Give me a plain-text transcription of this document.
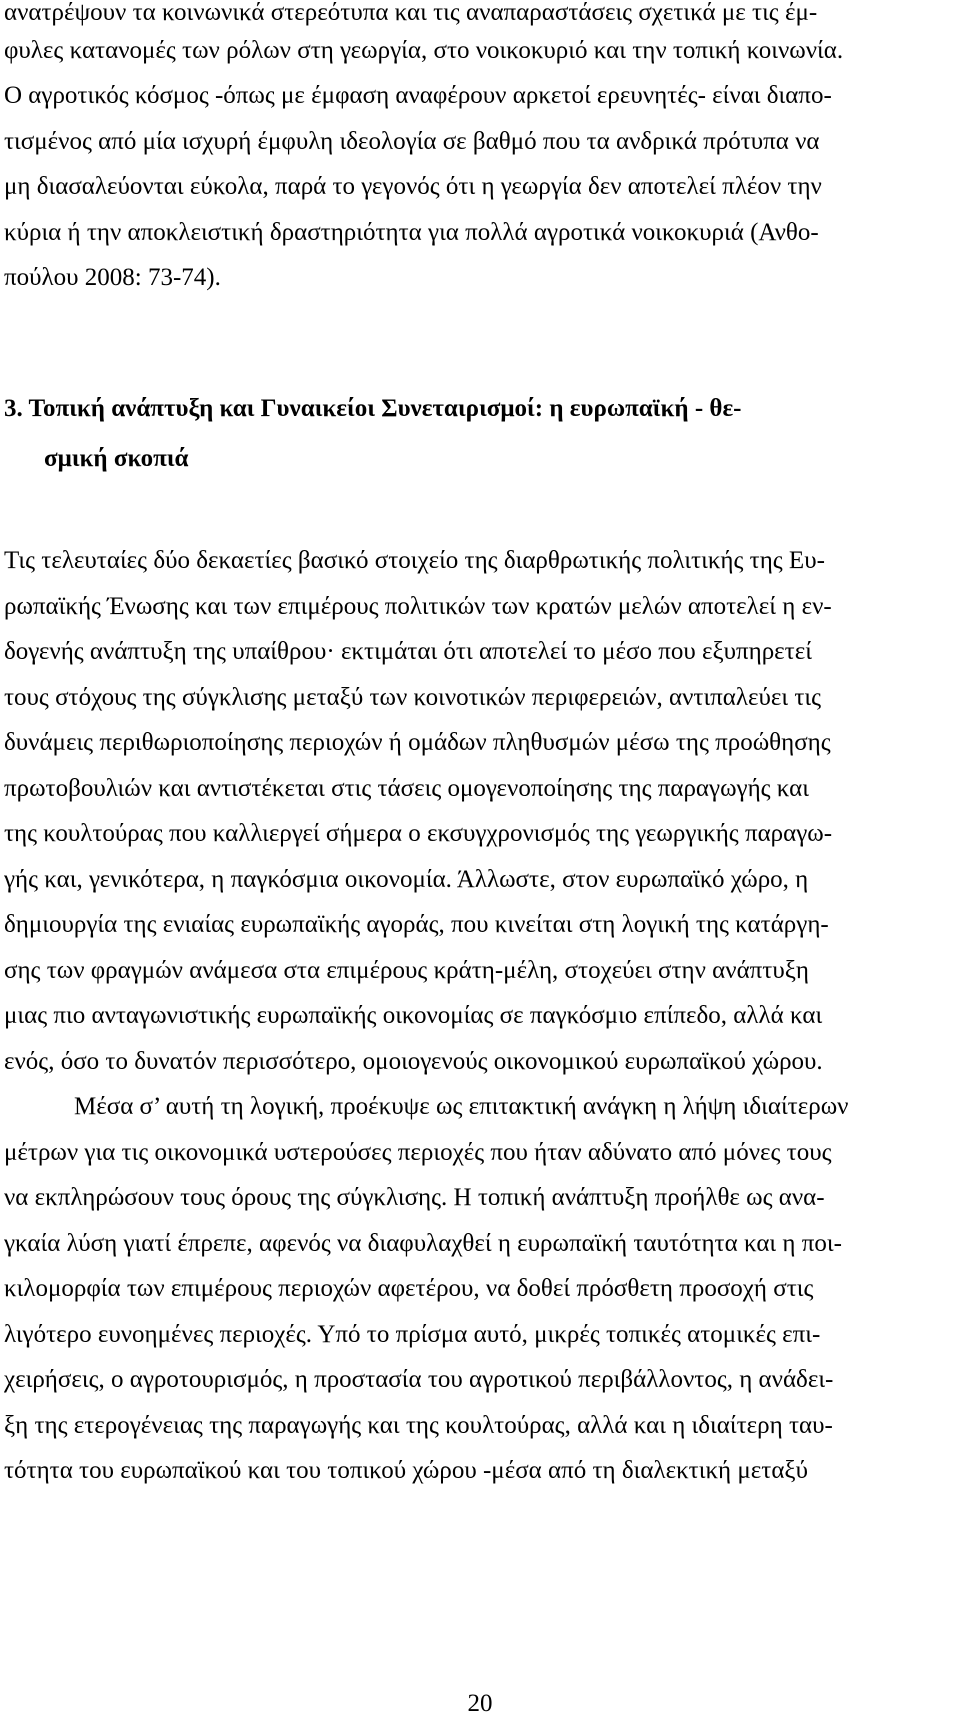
ανατρέψουν τα κοινωνικά στερεότυπα και τις αναπαραστάσεις σχετικά με τις έμ-
φυλες κατανομές των ρόλων στη γεωργία, στο νοικοκυριό και την τοπική κοινωνία.
Ο αγροτικός κόσμος -όπως με έμφαση αναφέρουν αρκετοί ερευνητές- είναι διαπο-
τισμένος από μία ισχυρή έμφυλη ιδεολογία σε βαθμό που τα ανδρικά πρότυπα να
μη διασαλεύονται εύκολα, παρά το γεγονός ότι η γεωργία δεν αποτελεί πλέον την
κύρια ή την αποκλειστική δραστηριότητα για πολλά αγροτικά νοικοκυριά (Ανθο-
πούλου 2008: 73-74).
3. Τοπική ανάπτυξη και Γυναικείοι Συνεταιρισμοί: η ευρωπαϊκή - θε-
σμική σκοπιά
Τις τελευταίες δύο δεκαετίες βασικό στοιχείο της διαρθρωτικής πολιτικής της Ευ-
ρωπαϊκής Ένωσης και των επιμέρους πολιτικών των κρατών μελών αποτελεί η εν-
δογενής ανάπτυξη της υπαίθρου· εκτιμάται ότι αποτελεί το μέσο που εξυπηρετεί
τους στόχους της σύγκλισης μεταξύ των κοινοτικών περιφερειών, αντιπαλεύει τις
δυνάμεις περιθωριοποίησης περιοχών ή ομάδων πληθυσμών μέσω της προώθησης
πρωτοβουλιών και αντιστέκεται στις τάσεις ομογενοποίησης της παραγωγής και
της κουλτούρας που καλλιεργεί σήμερα ο εκσυγχρονισμός της γεωργικής παραγω-
γής και, γενικότερα, η παγκόσμια οικονομία. Άλλωστε, στον ευρωπαϊκό χώρο, η
δημιουργία της ενιαίας ευρωπαϊκής αγοράς, που κινείται στη λογική της κατάργη-
σης των φραγμών ανάμεσα στα επιμέρους κράτη-μέλη, στοχεύει στην ανάπτυξη
μιας πιο ανταγωνιστικής ευρωπαϊκής οικονομίας σε παγκόσμιο επίπεδο, αλλά και
ενός, όσο το δυνατόν περισσότερο, ομοιογενούς οικονομικού ευρωπαϊκού χώρου.
Μέσα σ’ αυτή τη λογική, προέκυψε ως επιτακτική ανάγκη η λήψη ιδιαίτερων
μέτρων για τις οικονομικά υστερούσες περιοχές που ήταν αδύνατο από μόνες τους
να εκπληρώσουν τους όρους της σύγκλισης. Η τοπική ανάπτυξη προήλθε ως ανα-
γκαία λύση γιατί έπρεπε, αφενός να διαφυλαχθεί η ευρωπαϊκή ταυτότητα και η ποι-
κιλομορφία των επιμέρους περιοχών αφετέρου, να δοθεί πρόσθετη προσοχή στις
λιγότερο ευνοημένες περιοχές. Υπό το πρίσμα αυτό, μικρές τοπικές ατομικές επι-
χειρήσεις, ο αγροτουρισμός, η προστασία του αγροτικού περιβάλλοντος, η ανάδει-
ξη της ετερογένειας της παραγωγής και της κουλτούρας, αλλά και η ιδιαίτερη ταυ-
τότητα του ευρωπαϊκού και του τοπικού χώρου -μέσα από τη διαλεκτική μεταξύ
20
